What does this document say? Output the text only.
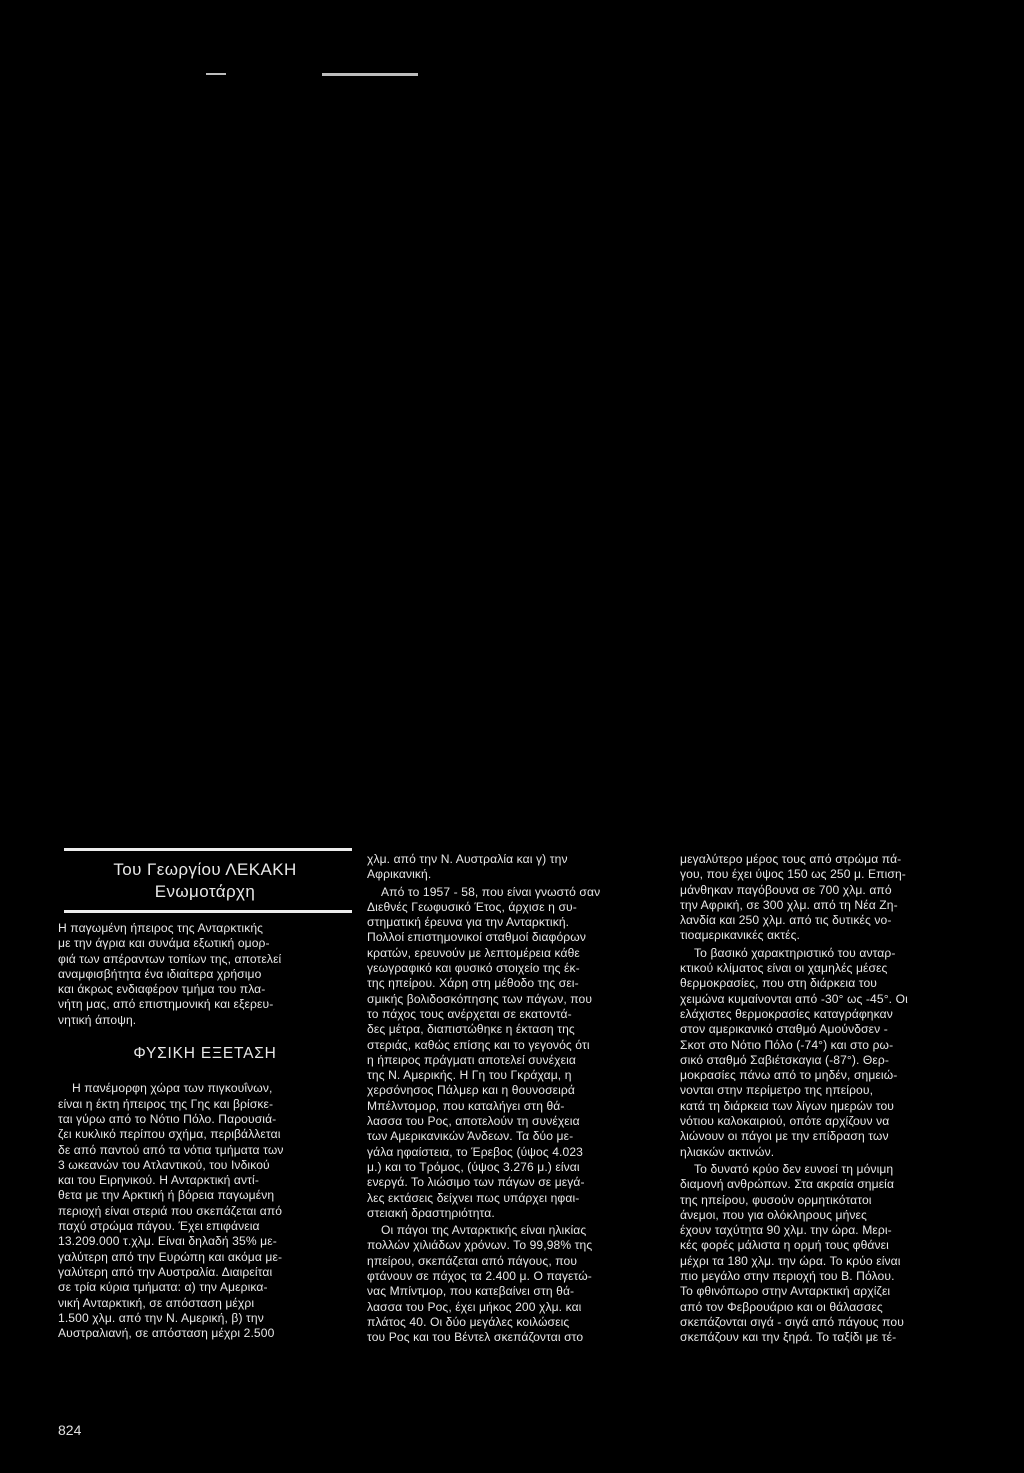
Του Γεωργίου ΛΕΚΑΚΗ
Ενωμοτάρχη

Η παγωμένη ήπειρος της Ανταρκτικής
με την άγρια και συνάμα εξωτική ομορ-
φιά των απέραντων τοπίων της, αποτελεί
αναμφισβήτητα ένα ιδιαίτερα χρήσιμο
και άκρως ενδιαφέρον τμήμα του πλα-
νήτη μας, από επιστημονική και εξερευ-
νητική άποψη.

ΦΥΣΙΚΗ ΕΞΕΤΑΣΗ

Η πανέμορφη χώρα των πιγκουΐνων,
είναι η έκτη ήπειρος της Γης και βρίσκε-
ται γύρω από το Νότιο Πόλο. Παρουσιά-
ζει κυκλικό περίπου σχήμα, περιβάλλεται
δε από παντού από τα νότια τμήματα των
3 ωκεανών του Ατλαντικού, του Ινδικού
και του Ειρηνικού. Η Ανταρκτική αντί-
θετα με την Αρκτική ή βόρεια παγωμένη
περιοχή είναι στεριά που σκεπάζεται από
παχύ στρώμα πάγου. Έχει επιφάνεια
13.209.000 τ.χλμ. Είναι δηλαδή 35% με-
γαλύτερη από την Ευρώπη και ακόμα με-
γαλύτερη από την Αυστραλία. Διαιρείται
σε τρία κύρια τμήματα: α) την Αμερικα-
νική Ανταρκτική, σε απόσταση μέχρι
1.500 χλμ. από την Ν. Αμερική, β) την
Αυστραλιανή, σε απόσταση μέχρι 2.500

χλμ. από την Ν. Αυστραλία και γ) την
Αφρικανική.

Από το 1957 - 58, που είναι γνωστό σαν
Διεθνές Γεωφυσικό Έτος, άρχισε η συ-
στηματική έρευνα για την Ανταρκτική.
Πολλοί επιστημονικοί σταθμοί διαφόρων
κρατών, ερευνούν με λεπτομέρεια κάθε
γεωγραφικό και φυσικό στοιχείο της έκ-
της ηπείρου. Χάρη στη μέθοδο της σει-
σμικής βολιδοσκόπησης των πάγων, που
το πάχος τους ανέρχεται σε εκατοντά-
δες μέτρα, διαπιστώθηκε η έκταση της
στεριάς, καθώς επίσης και το γεγονός ότι
η ήπειρος πράγματι αποτελεί συνέχεια
της Ν. Αμερικής. Η Γη του Γκράχαμ, η
χερσόνησος Πάλμερ και η θουνοσειρά
Μπέλντομορ, που καταλήγει στη θά-
λασσα του Ρος, αποτελούν τη συνέχεια
των Αμερικανικών Άνδεων. Τα δύο με-
γάλα ηφαίστεια, το Έρεβος (ύψος 4.023
μ.) και το Τρόμος, (ύψος 3.276 μ.) είναι
ενεργά. Το λιώσιμο των πάγων σε μεγά-
λες εκτάσεις δείχνει πως υπάρχει ηφαι-
στειακή δραστηριότητα.

Οι πάγοι της Ανταρκτικής είναι ηλικίας
πολλών χιλιάδων χρόνων. Το 99,98% της
ηπείρου, σκεπάζεται από πάγους, που
φτάνουν σε πάχος τα 2.400 μ. Ο παγετώ-
νας Μπίντμορ, που κατεβαίνει στη θά-
λασσα του Ρος, έχει μήκος 200 χλμ. και
πλάτος 40. Οι δύο μεγάλες κοιλώσεις
του Ρος και του Βέντελ σκεπάζονται στο

μεγαλύτερο μέρος τους από στρώμα πά-
γου, που έχει ύψος 150 ως 250 μ. Επιση-
μάνθηκαν παγόβουνα σε 700 χλμ. από
την Αφρική, σε 300 χλμ. από τη Νέα Ζη-
λανδία και 250 χλμ. από τις δυτικές νο-
τιοαμερικανικές ακτές.

Το βασικό χαρακτηριστικό του ανταρ-
κτικού κλίματος είναι οι χαμηλές μέσες
θερμοκρασίες, που στη διάρκεια του
χειμώνα κυμαίνονται από -30° ως -45°. Οι
ελάχιστες θερμοκρασίες καταγράφηκαν
στον αμερικανικό σταθμό Αμούνδσεν -
Σκοτ στο Νότιο Πόλο (-74°) και στο ρω-
σικό σταθμό Σαβιέτσκαγια (-87°). Θερ-
μοκρασίες πάνω από το μηδέν, σημειώ-
νονται στην περίμετρο της ηπείρου,
κατά τη διάρκεια των λίγων ημερών του
νότιου καλοκαιριού, οπότε αρχίζουν να
λιώνουν οι πάγοι με την επίδραση των
ηλιακών ακτινών.

Το δυνατό κρύο δεν ευνοεί τη μόνιμη
διαμονή ανθρώπων. Στα ακραία σημεία
της ηπείρου, φυσούν ορμητικότατοι
άνεμοι, που για ολόκληρους μήνες
έχουν ταχύτητα 90 χλμ. την ώρα. Μερι-
κές φορές μάλιστα η ορμή τους φθάνει
μέχρι τα 180 χλμ. την ώρα. Το κρύο είναι
πιο μεγάλο στην περιοχή του Β. Πόλου.
Το φθινόπωρο στην Ανταρκτική αρχίζει
από τον Φεβρουάριο και οι θάλασσες
σκεπάζονται σιγά - σιγά από πάγους που
σκεπάζουν και την ξηρά. Το ταξίδι με τέ-

824
